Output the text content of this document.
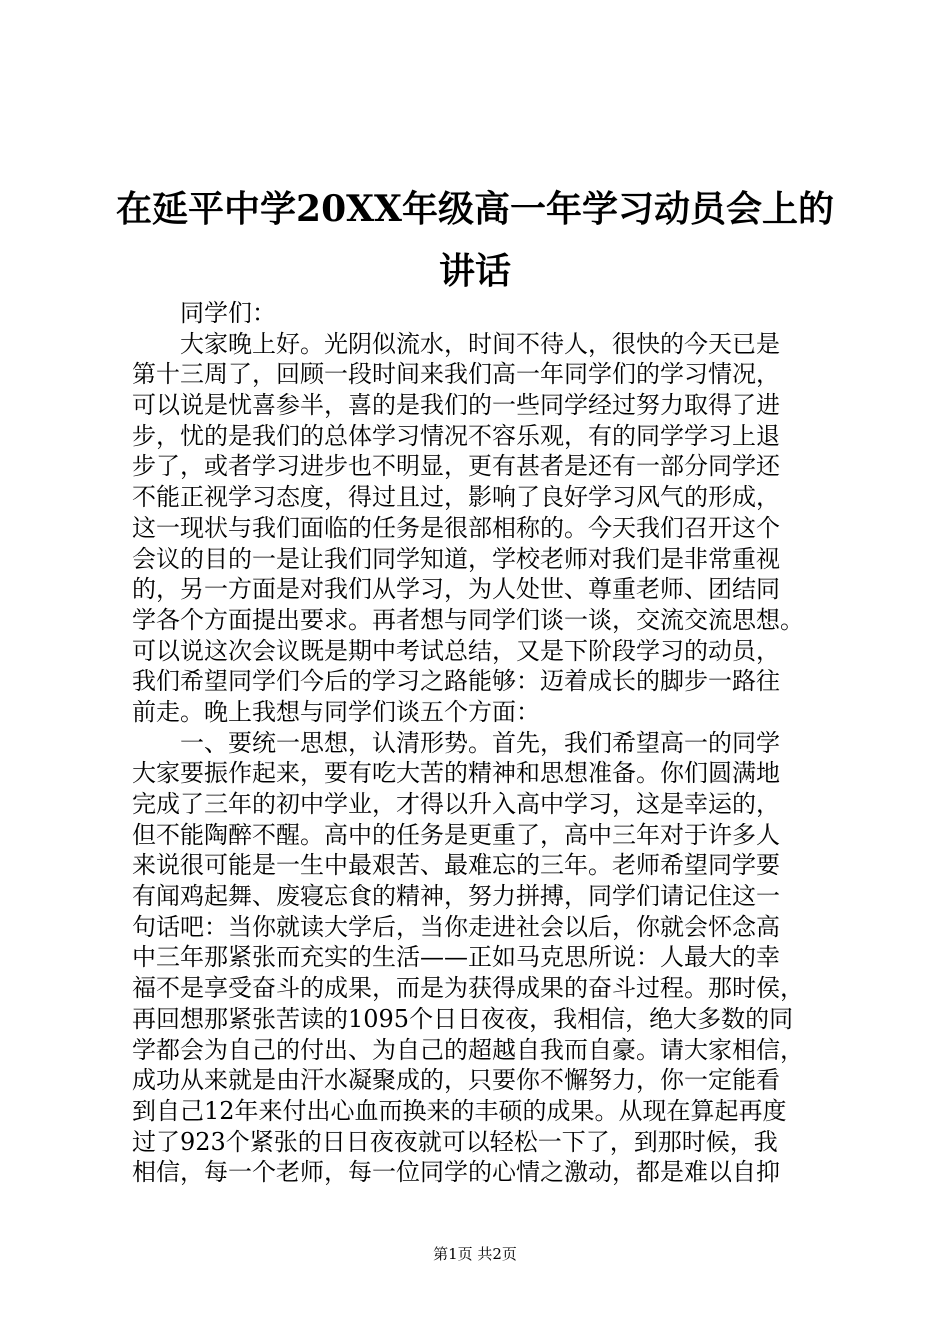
在延平中学20XX年级高一年学习动员会上的
讲话
同学们：
大家晚上好。光阴似流水，时间不待人，很快的今天已是
第十三周了，回顾一段时间来我们高一年同学们的学习情况，
可以说是忧喜参半，喜的是我们的一些同学经过努力取得了进
步，忧的是我们的总体学习情况不容乐观，有的同学学习上退
步了，或者学习进步也不明显，更有甚者是还有一部分同学还
不能正视学习态度，得过且过，影响了良好学习风气的形成，
这一现状与我们面临的任务是很部相称的。今天我们召开这个
会议的目的一是让我们同学知道，学校老师对我们是非常重视
的，另一方面是对我们从学习，为人处世、尊重老师、团结同
学各个方面提出要求。再者想与同学们谈一谈，交流交流思想。
可以说这次会议既是期中考试总结，又是下阶段学习的动员，
我们希望同学们今后的学习之路能够：迈着成长的脚步一路往
前走。晚上我想与同学们谈五个方面：
一、要统一思想，认清形势。首先，我们希望高一的同学
大家要振作起来，要有吃大苦的精神和思想准备。你们圆满地
完成了三年的初中学业，才得以升入高中学习，这是幸运的，
但不能陶醉不醒。高中的任务是更重了，高中三年对于许多人
来说很可能是一生中最艰苦、最难忘的三年。老师希望同学要
有闻鸡起舞、废寝忘食的精神，努力拼搏，同学们请记住这一
句话吧：当你就读大学后，当你走进社会以后，你就会怀念高
中三年那紧张而充实的生活——正如马克思所说：人最大的幸
福不是享受奋斗的成果，而是为获得成果的奋斗过程。那时侯，
再回想那紧张苦读的1095个日日夜夜，我相信，绝大多数的同
学都会为自己的付出、为自己的超越自我而自豪。请大家相信，
成功从来就是由汗水凝聚成的，只要你不懈努力，你一定能看
到自己12年来付出心血而换来的丰硕的成果。从现在算起再度
过了923个紧张的日日夜夜就可以轻松一下了，到那时候，我
相信，每一个老师，每一位同学的心情之激动，都是难以自抑
第1页 共2页
